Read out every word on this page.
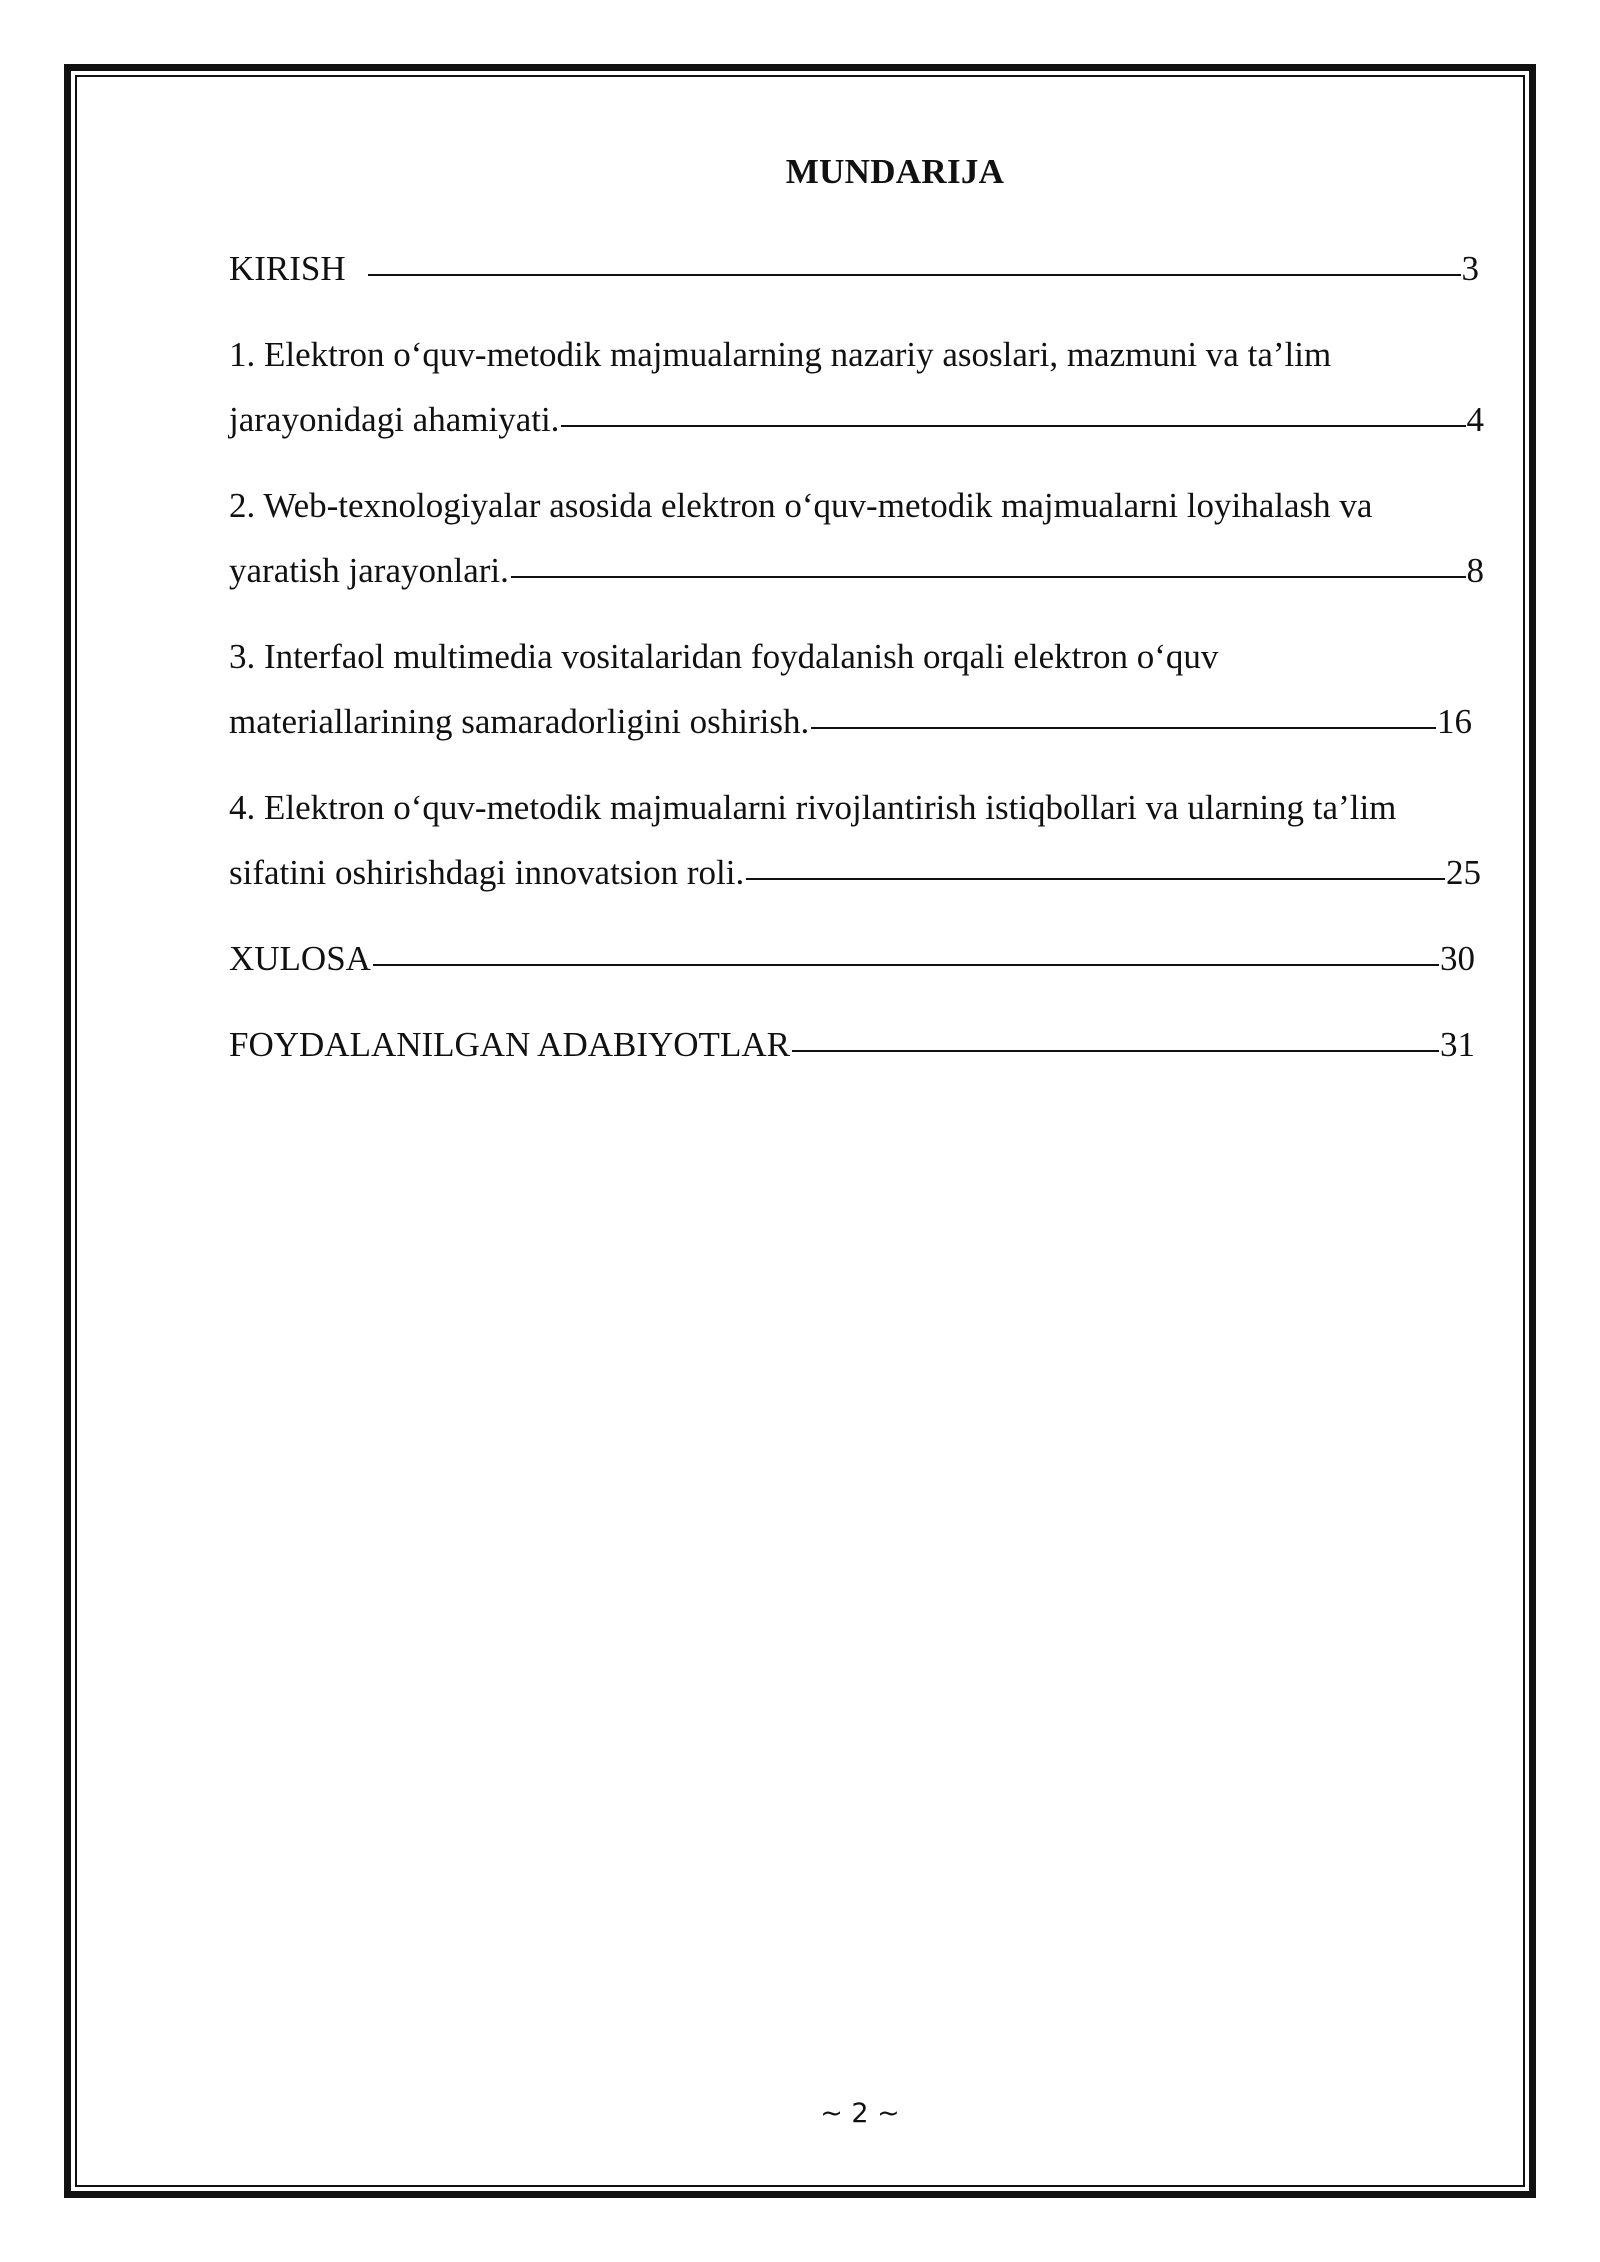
MUNDARIJA
KIRISH	3
1. Elektron o‘quv-metodik majmualarning nazariy asoslari, mazmuni va ta’lim
jarayonidagi ahamiyati.	4
2. Web-texnologiyalar asosida elektron o‘quv-metodik majmualarni loyihalash va
yaratish jarayonlari.	8
3. Interfaol multimedia vositalaridan foydalanish orqali elektron o‘quv
materiallarining samaradorligini oshirish.	16
4. Elektron o‘quv-metodik majmualarni rivojlantirish istiqbollari va ularning ta’lim
sifatini oshirishdagi innovatsion roli.	25
XULOSA	30
FOYDALANILGAN ADABIYOTLAR	31
~ 2 ~
